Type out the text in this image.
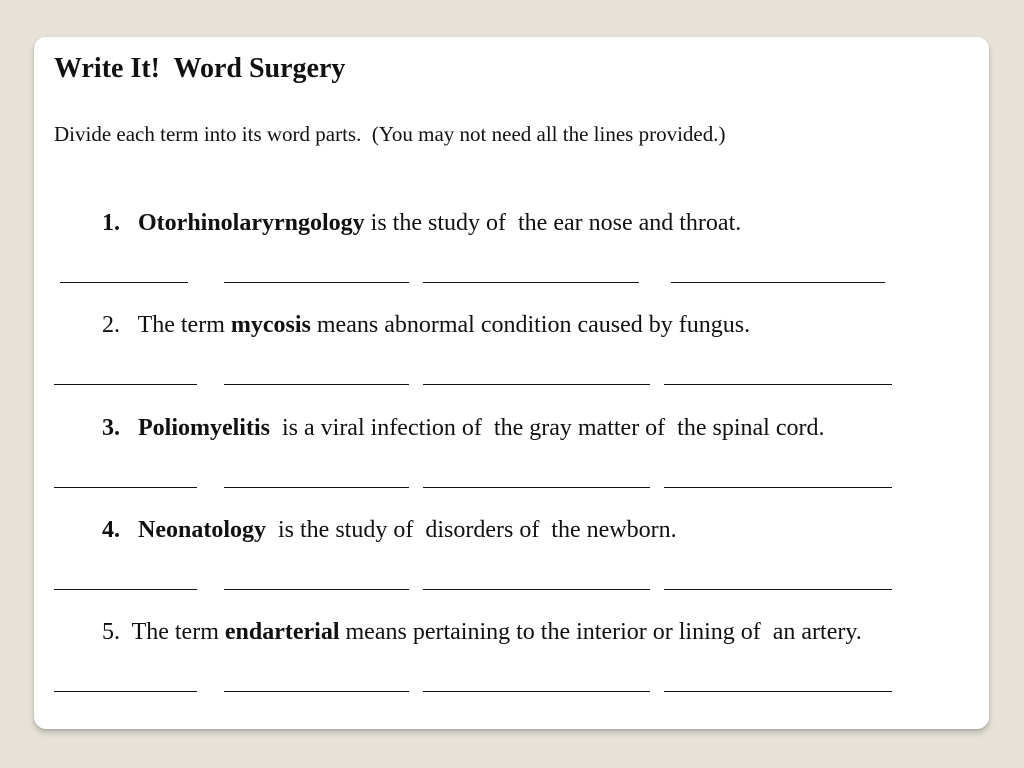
Write It!  Word Surgery
Divide each term into its word parts.  (You may not need all the lines provided.)

1. Otorhinolaryrngology is the study of  the ear nose and throat.

2. The term mycosis means abnormal condition caused by fungus.

3. Poliomyelitis  is a viral infection of  the gray matter of  the spinal cord.

4. Neonatology  is the study of  disorders of  the newborn.

5. The term endarterial means pertaining to the interior or lining of  an artery.
